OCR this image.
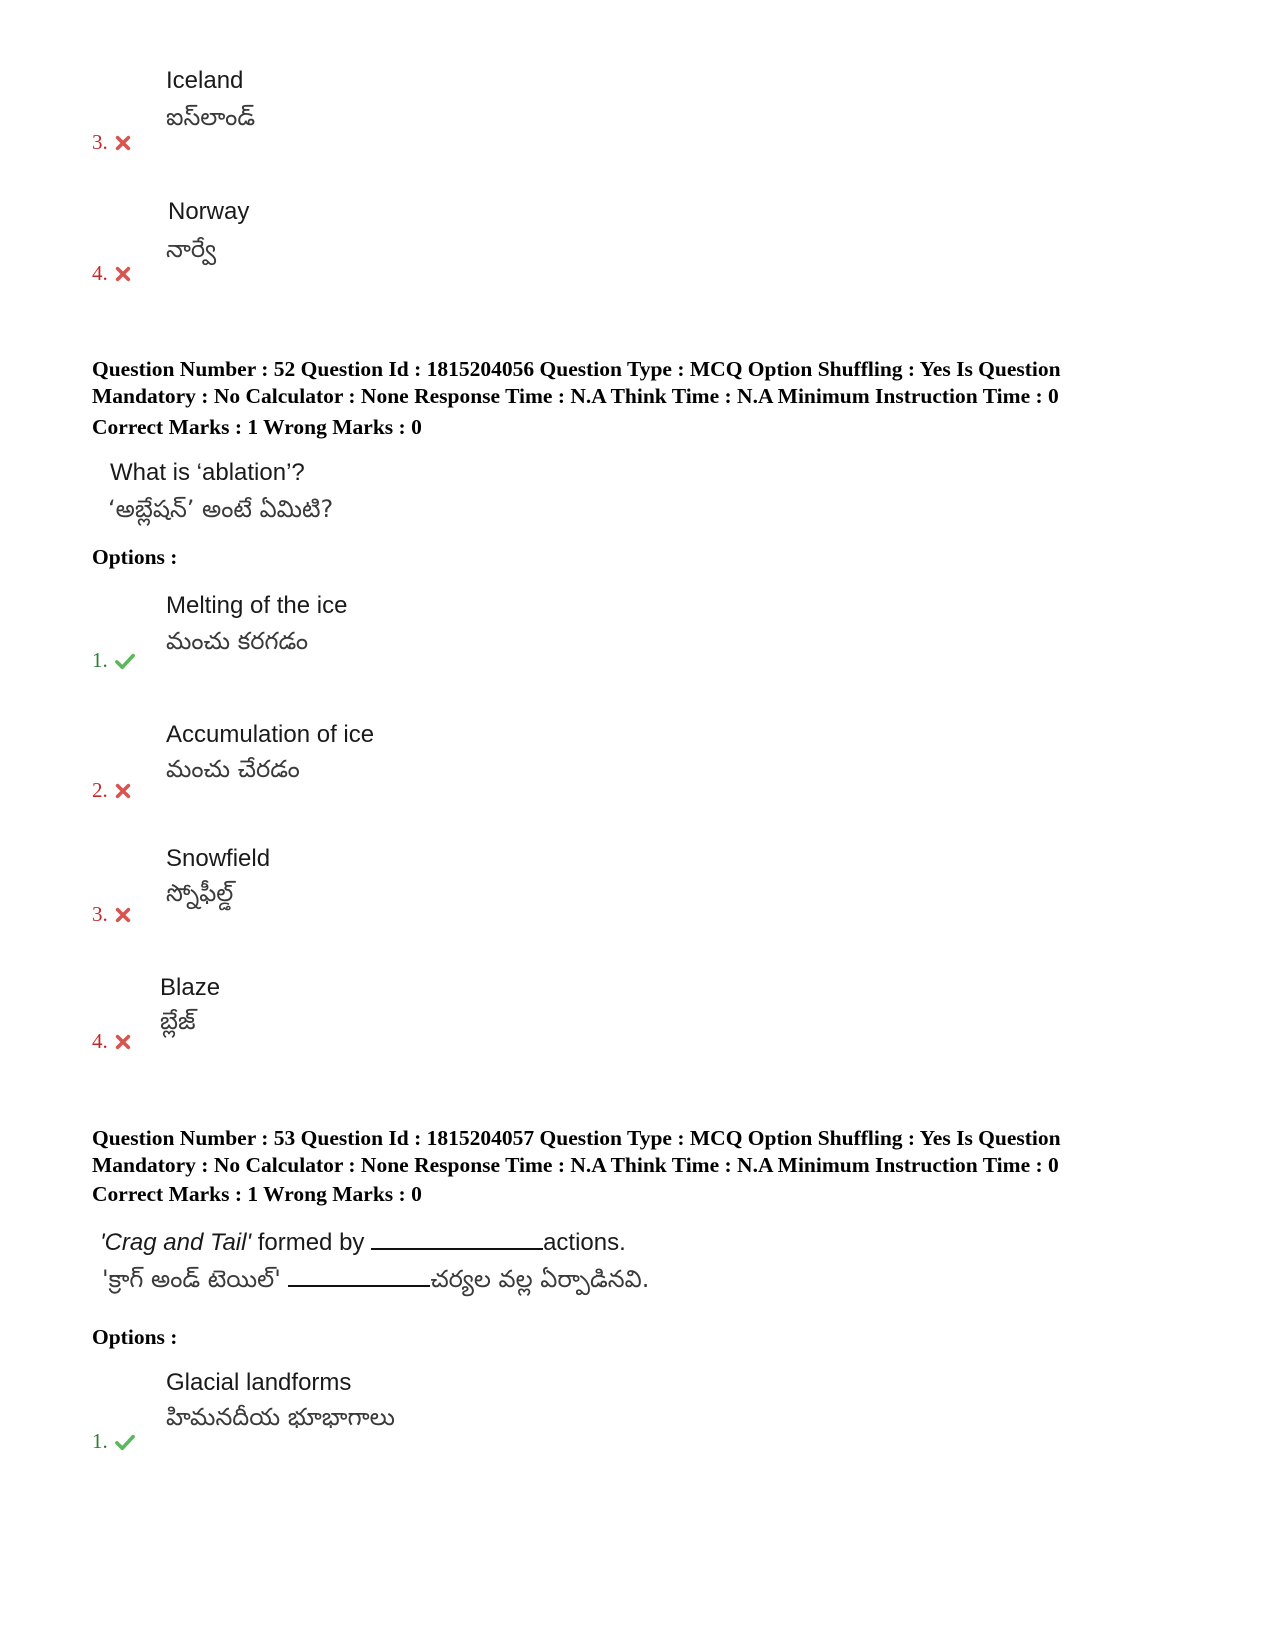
Iceland
ఐస్‌లాండ్
3.
Norway
నార్వే
4.
Question Number : 52 Question Id : 1815204056 Question Type : MCQ Option Shuffling : Yes Is Question
Mandatory : No Calculator : None Response Time : N.A Think Time : N.A Minimum Instruction Time : 0
Correct Marks : 1 Wrong Marks : 0
What is ‘ablation’?
‘అబ్లేషన్’ అంటే ఏమిటి?
Options :
Melting of the ice
మంచు కరగడం
1.
Accumulation of ice
మంచు చేరడం
2.
Snowfield
స్నోఫీల్డ్
3.
Blaze
బ్లేజ్
4.
Question Number : 53 Question Id : 1815204057 Question Type : MCQ Option Shuffling : Yes Is Question
Mandatory : No Calculator : None Response Time : N.A Think Time : N.A Minimum Instruction Time : 0
Correct Marks : 1 Wrong Marks : 0
'Crag and Tail' formed by	actions.
'క్రాగ్ అండ్ టెయిల్'	చర్యల వల్ల ఏర్పాడినవి.
Options :
Glacial landforms
హిమనదీయ భూభాగాలు
1.
